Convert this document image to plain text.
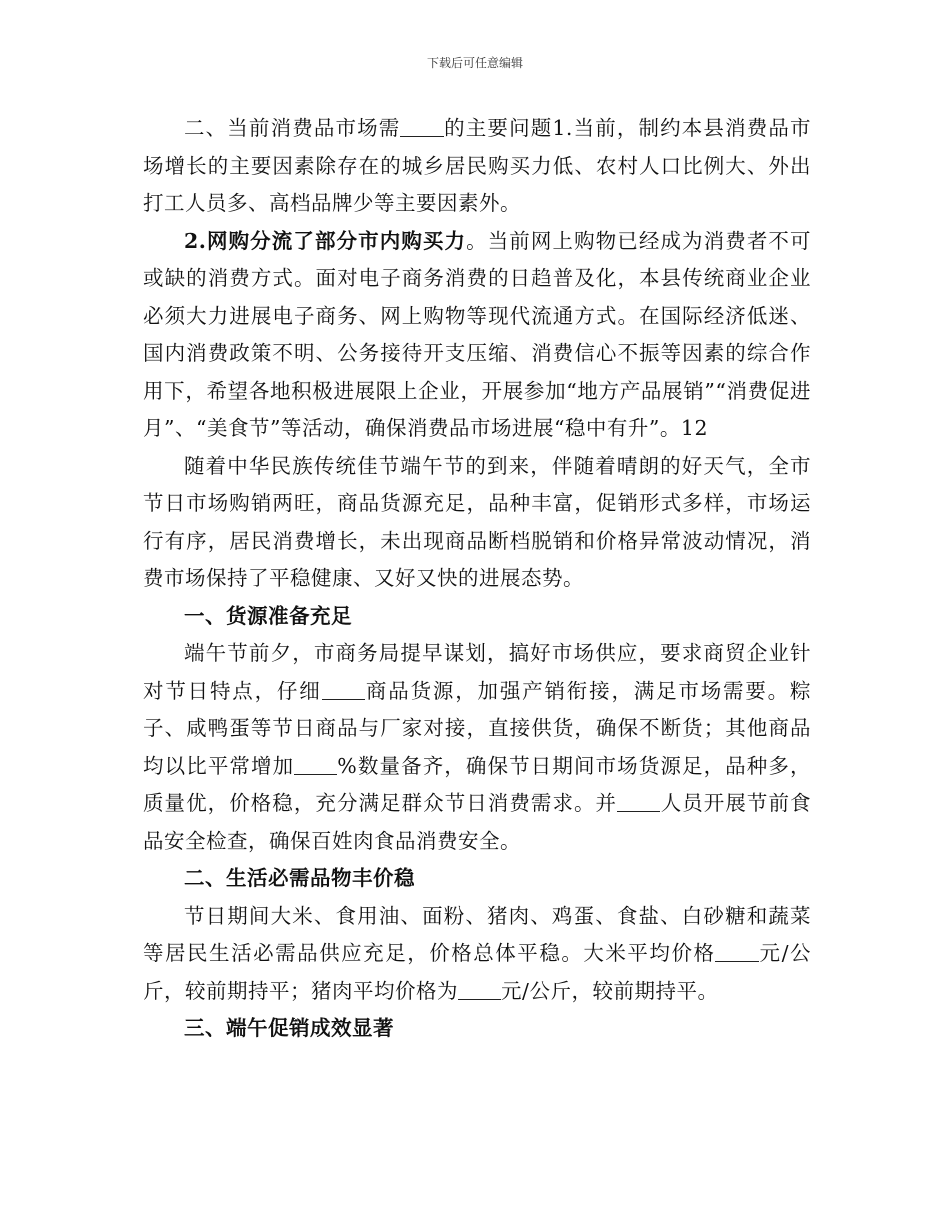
下载后可任意编辑

二、当前消费品市场需 的主要问题1.当前，制约本县消费品市场增长的主要因素除存在的城乡居民购买力低、农村人口比例大、外出打工人员多、高档品牌少等主要因素外。

2.网购分流了部分市内购买力。当前网上购物已经成为消费者不可或缺的消费方式。面对电子商务消费的日趋普及化，本县传统商业企业必须大力进展电子商务、网上购物等现代流通方式。在国际经济低迷、国内消费政策不明、公务接待开支压缩、消费信心不振等因素的综合作用下，希望各地积极进展限上企业，开展参加“地方产品展销”“消费促进月”、“美食节”等活动，确保消费品市场进展“稳中有升”。12

随着中华民族传统佳节端午节的到来，伴随着晴朗的好天气，全市节日市场购销两旺，商品货源充足，品种丰富，促销形式多样，市场运行有序，居民消费增长，未出现商品断档脱销和价格异常波动情况，消费市场保持了平稳健康、又好又快的进展态势。

一、货源准备充足

端午节前夕，市商务局提早谋划，搞好市场供应，要求商贸企业针对节日特点，仔细 商品货源，加强产销衔接，满足市场需要。粽子、咸鸭蛋等节日商品与厂家对接，直接供货，确保不断货；其他商品均以比平常增加 %数量备齐，确保节日期间市场货源足，品种多，质量优，价格稳，充分满足群众节日消费需求。并 人员开展节前食品安全检查，确保百姓肉食品消费安全。

二、生活必需品物丰价稳

节日期间大米、食用油、面粉、猪肉、鸡蛋、食盐、白砂糖和蔬菜等居民生活必需品供应充足，价格总体平稳。大米平均价格 元/公斤，较前期持平；猪肉平均价格为 元/公斤，较前期持平。

三、端午促销成效显著
